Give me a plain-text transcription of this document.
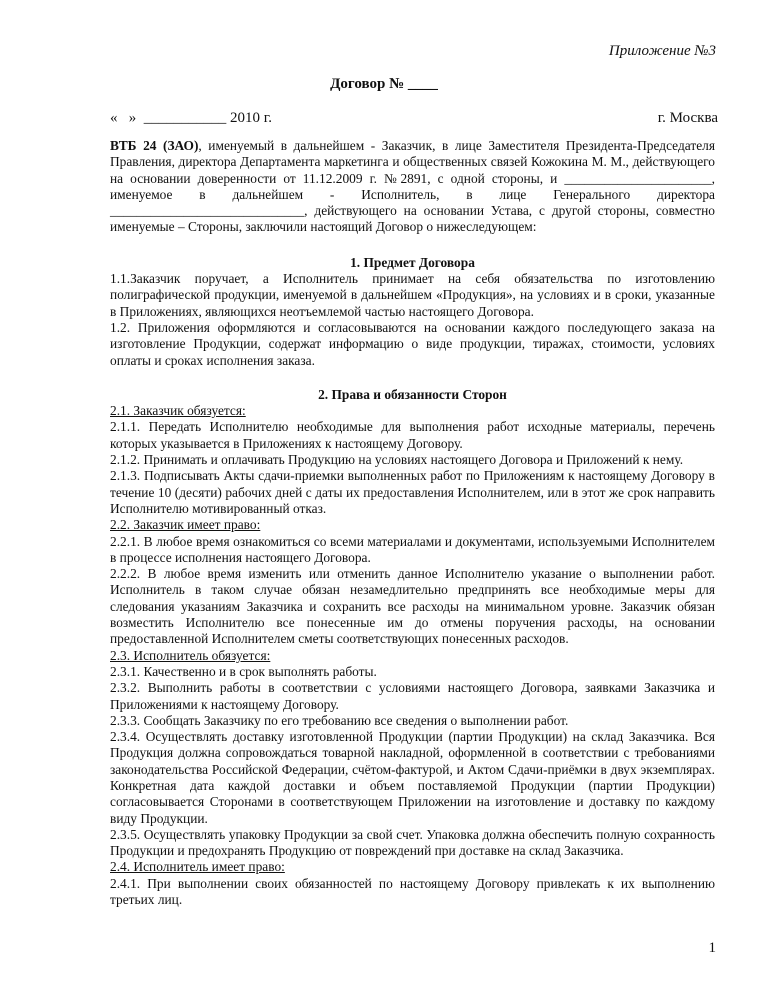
Приложение №3
Договор № ____
«   »  ___________ 2010 г.	г. Москва

ВТБ 24 (ЗАО), именуемый в дальнейшем - Заказчик, в лице Заместителя Президента-Председателя Правления, директора Департамента маркетинга и общественных связей Кожокина М. М., действующего на основании доверенности от 11.12.2009 г. №2891, с одной стороны, и ______________________, именуемое в дальнейшем - Исполнитель, в лице Генерального директора _____________________________, действующего на основании Устава, с другой стороны, совместно именуемые – Стороны, заключили настоящий Договор о нижеследующем:

1. Предмет Договора

1.1.Заказчик поручает, а Исполнитель принимает на себя обязательства по изготовлению полиграфической продукции, именуемой в дальнейшем «Продукция», на условиях и в сроки, указанные в Приложениях, являющихся неотъемлемой частью настоящего Договора.

1.2. Приложения оформляются и согласовываются на основании каждого последующего заказа на изготовление Продукции, содержат информацию о виде продукции, тиражах, стоимости, условиях оплаты и сроках исполнения заказа.

2. Права и обязанности Сторон

2.1. Заказчик обязуется:

2.1.1. Передать Исполнителю необходимые для выполнения работ исходные материалы, перечень которых указывается в Приложениях к настоящему Договору.

2.1.2. Принимать и оплачивать Продукцию на условиях настоящего Договора и Приложений к нему.

2.1.3. Подписывать Акты сдачи-приемки выполненных работ по Приложениям к настоящему Договору в течение 10 (десяти) рабочих дней с даты их предоставления Исполнителем, или в этот же срок направить Исполнителю мотивированный отказ.

2.2. Заказчик имеет право:

2.2.1. В любое время ознакомиться со всеми материалами и документами, используемыми Исполнителем в процессе исполнения настоящего Договора.

2.2.2. В любое время изменить или отменить данное Исполнителю указание о выполнении работ. Исполнитель в таком случае обязан незамедлительно предпринять все необходимые меры для следования указаниям Заказчика и сохранить все расходы на минимальном уровне. Заказчик обязан возместить Исполнителю все понесенные им до отмены поручения расходы, на основании предоставленной Исполнителем сметы соответствующих понесенных расходов.

2.3. Исполнитель обязуется:

2.3.1. Качественно и в срок выполнять работы.

2.3.2. Выполнить работы в соответствии с условиями настоящего Договора, заявками Заказчика и Приложениями к настоящему Договору.

2.3.3. Сообщать Заказчику по его требованию все сведения о выполнении работ.

2.3.4. Осуществлять доставку изготовленной Продукции (партии Продукции) на склад Заказчика. Вся Продукция должна сопровождаться товарной накладной, оформленной в соответствии с требованиями законодательства Российской Федерации, счётом-фактурой, и Актом Сдачи-приёмки в двух экземплярах. Конкретная дата каждой доставки и объем поставляемой Продукции (партии Продукции) согласовывается Сторонами в соответствующем Приложении на изготовление и доставку по каждому виду Продукции.

2.3.5. Осуществлять упаковку Продукции за свой счет. Упаковка должна обеспечить полную сохранность Продукции и предохранять Продукцию от повреждений при доставке на склад Заказчика.

2.4. Исполнитель имеет право:

2.4.1. При выполнении своих обязанностей по настоящему Договору привлекать к их выполнению третьих лиц.

1
